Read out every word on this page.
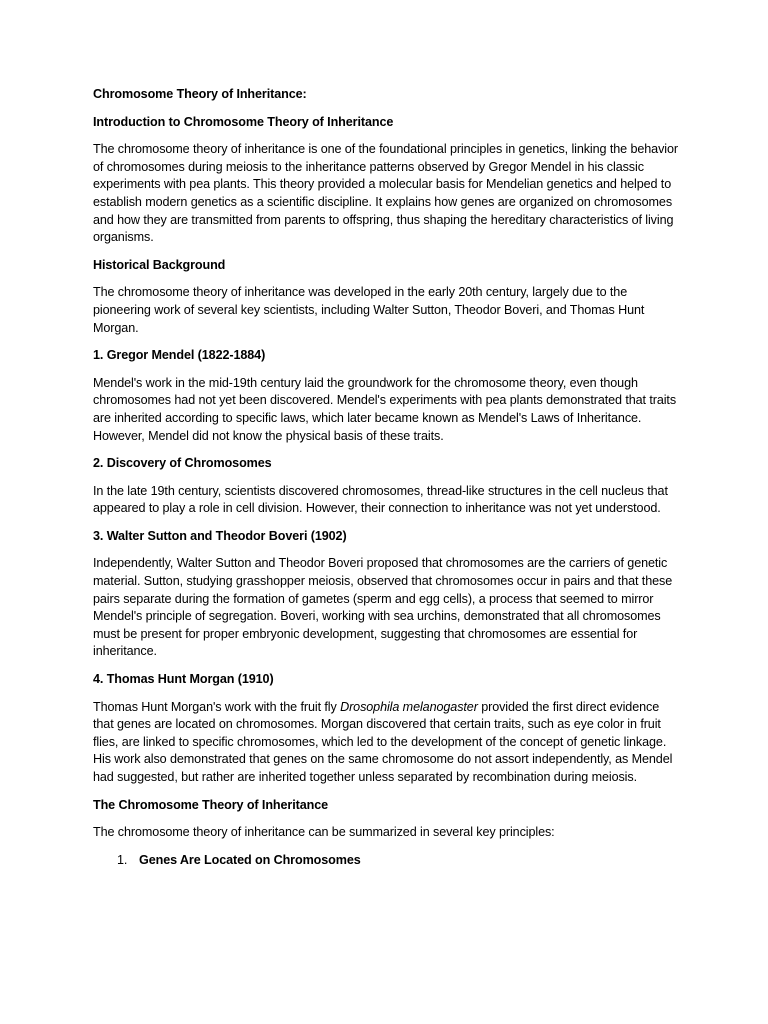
Chromosome Theory of Inheritance:
Introduction to Chromosome Theory of Inheritance
The chromosome theory of inheritance is one of the foundational principles in genetics, linking the behavior of chromosomes during meiosis to the inheritance patterns observed by Gregor Mendel in his classic experiments with pea plants. This theory provided a molecular basis for Mendelian genetics and helped to establish modern genetics as a scientific discipline. It explains how genes are organized on chromosomes and how they are transmitted from parents to offspring, thus shaping the hereditary characteristics of living organisms.
Historical Background
The chromosome theory of inheritance was developed in the early 20th century, largely due to the pioneering work of several key scientists, including Walter Sutton, Theodor Boveri, and Thomas Hunt Morgan.
1. Gregor Mendel (1822-1884)
Mendel's work in the mid-19th century laid the groundwork for the chromosome theory, even though chromosomes had not yet been discovered. Mendel's experiments with pea plants demonstrated that traits are inherited according to specific laws, which later became known as Mendel's Laws of Inheritance. However, Mendel did not know the physical basis of these traits.
2. Discovery of Chromosomes
In the late 19th century, scientists discovered chromosomes, thread-like structures in the cell nucleus that appeared to play a role in cell division. However, their connection to inheritance was not yet understood.
3. Walter Sutton and Theodor Boveri (1902)
Independently, Walter Sutton and Theodor Boveri proposed that chromosomes are the carriers of genetic material. Sutton, studying grasshopper meiosis, observed that chromosomes occur in pairs and that these pairs separate during the formation of gametes (sperm and egg cells), a process that seemed to mirror Mendel's principle of segregation. Boveri, working with sea urchins, demonstrated that all chromosomes must be present for proper embryonic development, suggesting that chromosomes are essential for inheritance.
4. Thomas Hunt Morgan (1910)
Thomas Hunt Morgan's work with the fruit fly Drosophila melanogaster provided the first direct evidence that genes are located on chromosomes. Morgan discovered that certain traits, such as eye color in fruit flies, are linked to specific chromosomes, which led to the development of the concept of genetic linkage. His work also demonstrated that genes on the same chromosome do not assort independently, as Mendel had suggested, but rather are inherited together unless separated by recombination during meiosis.
The Chromosome Theory of Inheritance
The chromosome theory of inheritance can be summarized in several key principles:
1. Genes Are Located on Chromosomes
